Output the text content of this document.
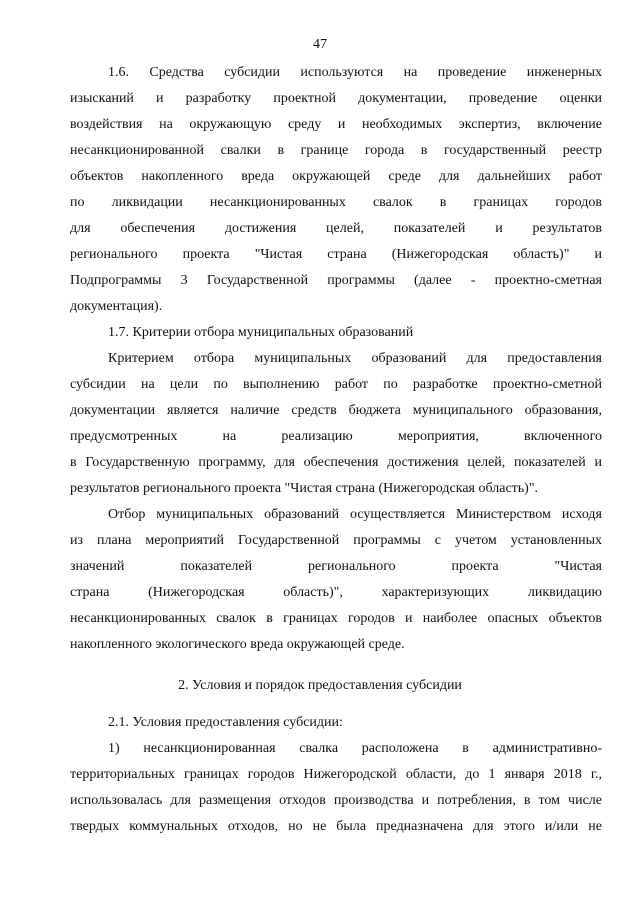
47
1.6. Средства субсидии используются на проведение инженерных
изысканий и разработку проектной документации, проведение оценки
воздействия на окружающую среду и необходимых экспертиз, включение
несанкционированной свалки в границе города в государственный реестр
объектов накопленного вреда окружающей среде для дальнейших работ
по ликвидации несанкционированных свалок в границах городов
для обеспечения достижения целей, показателей и результатов
регионального проекта "Чистая страна (Нижегородская область)" и
Подпрограммы 3 Государственной программы (далее - проектно-сметная
документация).
1.7. Критерии отбора муниципальных образований
Критерием отбора муниципальных образований для предоставления
субсидии на цели по выполнению работ по разработке проектно-сметной
документации является наличие средств бюджета муниципального образования,
предусмотренных на реализацию мероприятия, включенного
в Государственную программу, для обеспечения достижения целей, показателей и
результатов регионального проекта "Чистая страна (Нижегородская область)".
Отбор муниципальных образований осуществляется Министерством исходя
из плана мероприятий Государственной программы с учетом установленных
значений показателей регионального проекта "Чистая
страна (Нижегородская область)", характеризующих ликвидацию
несанкционированных свалок в границах городов и наиболее опасных объектов
накопленного экологического вреда окружающей среде.
2. Условия и порядок предоставления субсидии
2.1. Условия предоставления субсидии:
1) несанкционированная свалка расположена в административно-
территориальных границах городов Нижегородской области, до 1 января 2018 г.,
использовалась для размещения отходов производства и потребления, в том числе
твердых коммунальных отходов, но не была предназначена для этого и/или не
